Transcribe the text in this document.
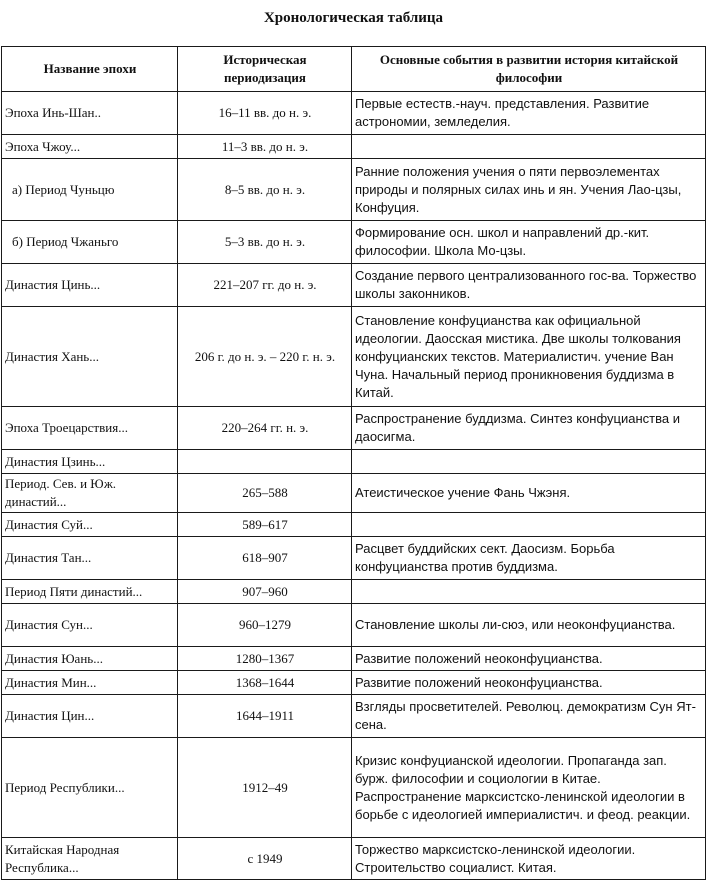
Хронологическая таблица
Название эпохи	Историческая периодизация	Основные события в развитии история китайской философии
Эпоха Инь-Шан..	16–11 вв. до н. э.	Первые естеств.-науч. представления. Развитие астрономии, земледелия.
Эпоха Чжоу...	11–3 вв. до н. э.	
а) Период Чуньцю	8–5 вв. до н. э.	Ранние положения учения о пяти первоэлементах природы и полярных силах инь и ян. Учения Лао-цзы, Конфуция.
б) Период Чжаньго	5–3 вв. до н. э.	Формирование осн. школ и направлений др.-кит. философии. Школа Мо-цзы.
Династия Цинь...	221–207 гг. до н. э.	Создание первого централизованного гос-ва. Торжество школы законников.
Династия Хань...	206 г. до н. э. – 220 г. н. э.	Становление конфуцианства как официальной идеологии. Даосская мистика. Две школы толкования конфуцианских текстов. Материалистич. учение Ван Чуна. Начальный период проникновения буддизма в Китай.
Эпоха Троецарствия...	220–264 гг. н. э.	Распространение буддизма. Синтез конфуцианства и даосигма.
Династия Цзинь...		
Период. Сев. и Юж. династий...	265–588	Атеистическое учение Фань Чжэня.
Династия Суй...	589–617	
Династия Тан...	618–907	Расцвет буддийских сект. Даосизм. Борьба конфуцианства против буддизма.
Период Пяти династий...	907–960	
Династия Сун...	960–1279	Становление школы ли-сюэ, или неоконфуцианства.
Династия Юань...	1280–1367	Развитие положений неоконфуцианства.
Династия Мин...	1368–1644	Развитие положений неоконфуцианства.
Династия Цин...	1644–1911	Взгляды просветителей. Революц. демократизм Сун Ят-сена.
Период Республики...	1912–49	Кризис конфуцианской идеологии. Пропаганда зап. бурж. философии и социологии в Китае. Распространение марксистско-ленинской идеологии в борьбе с идеологией империалистич. и феод. реакции.
Китайская Народная Республика...	с 1949	Торжество марксистско-ленинской идеологии. Строительство социалист. Китая.
